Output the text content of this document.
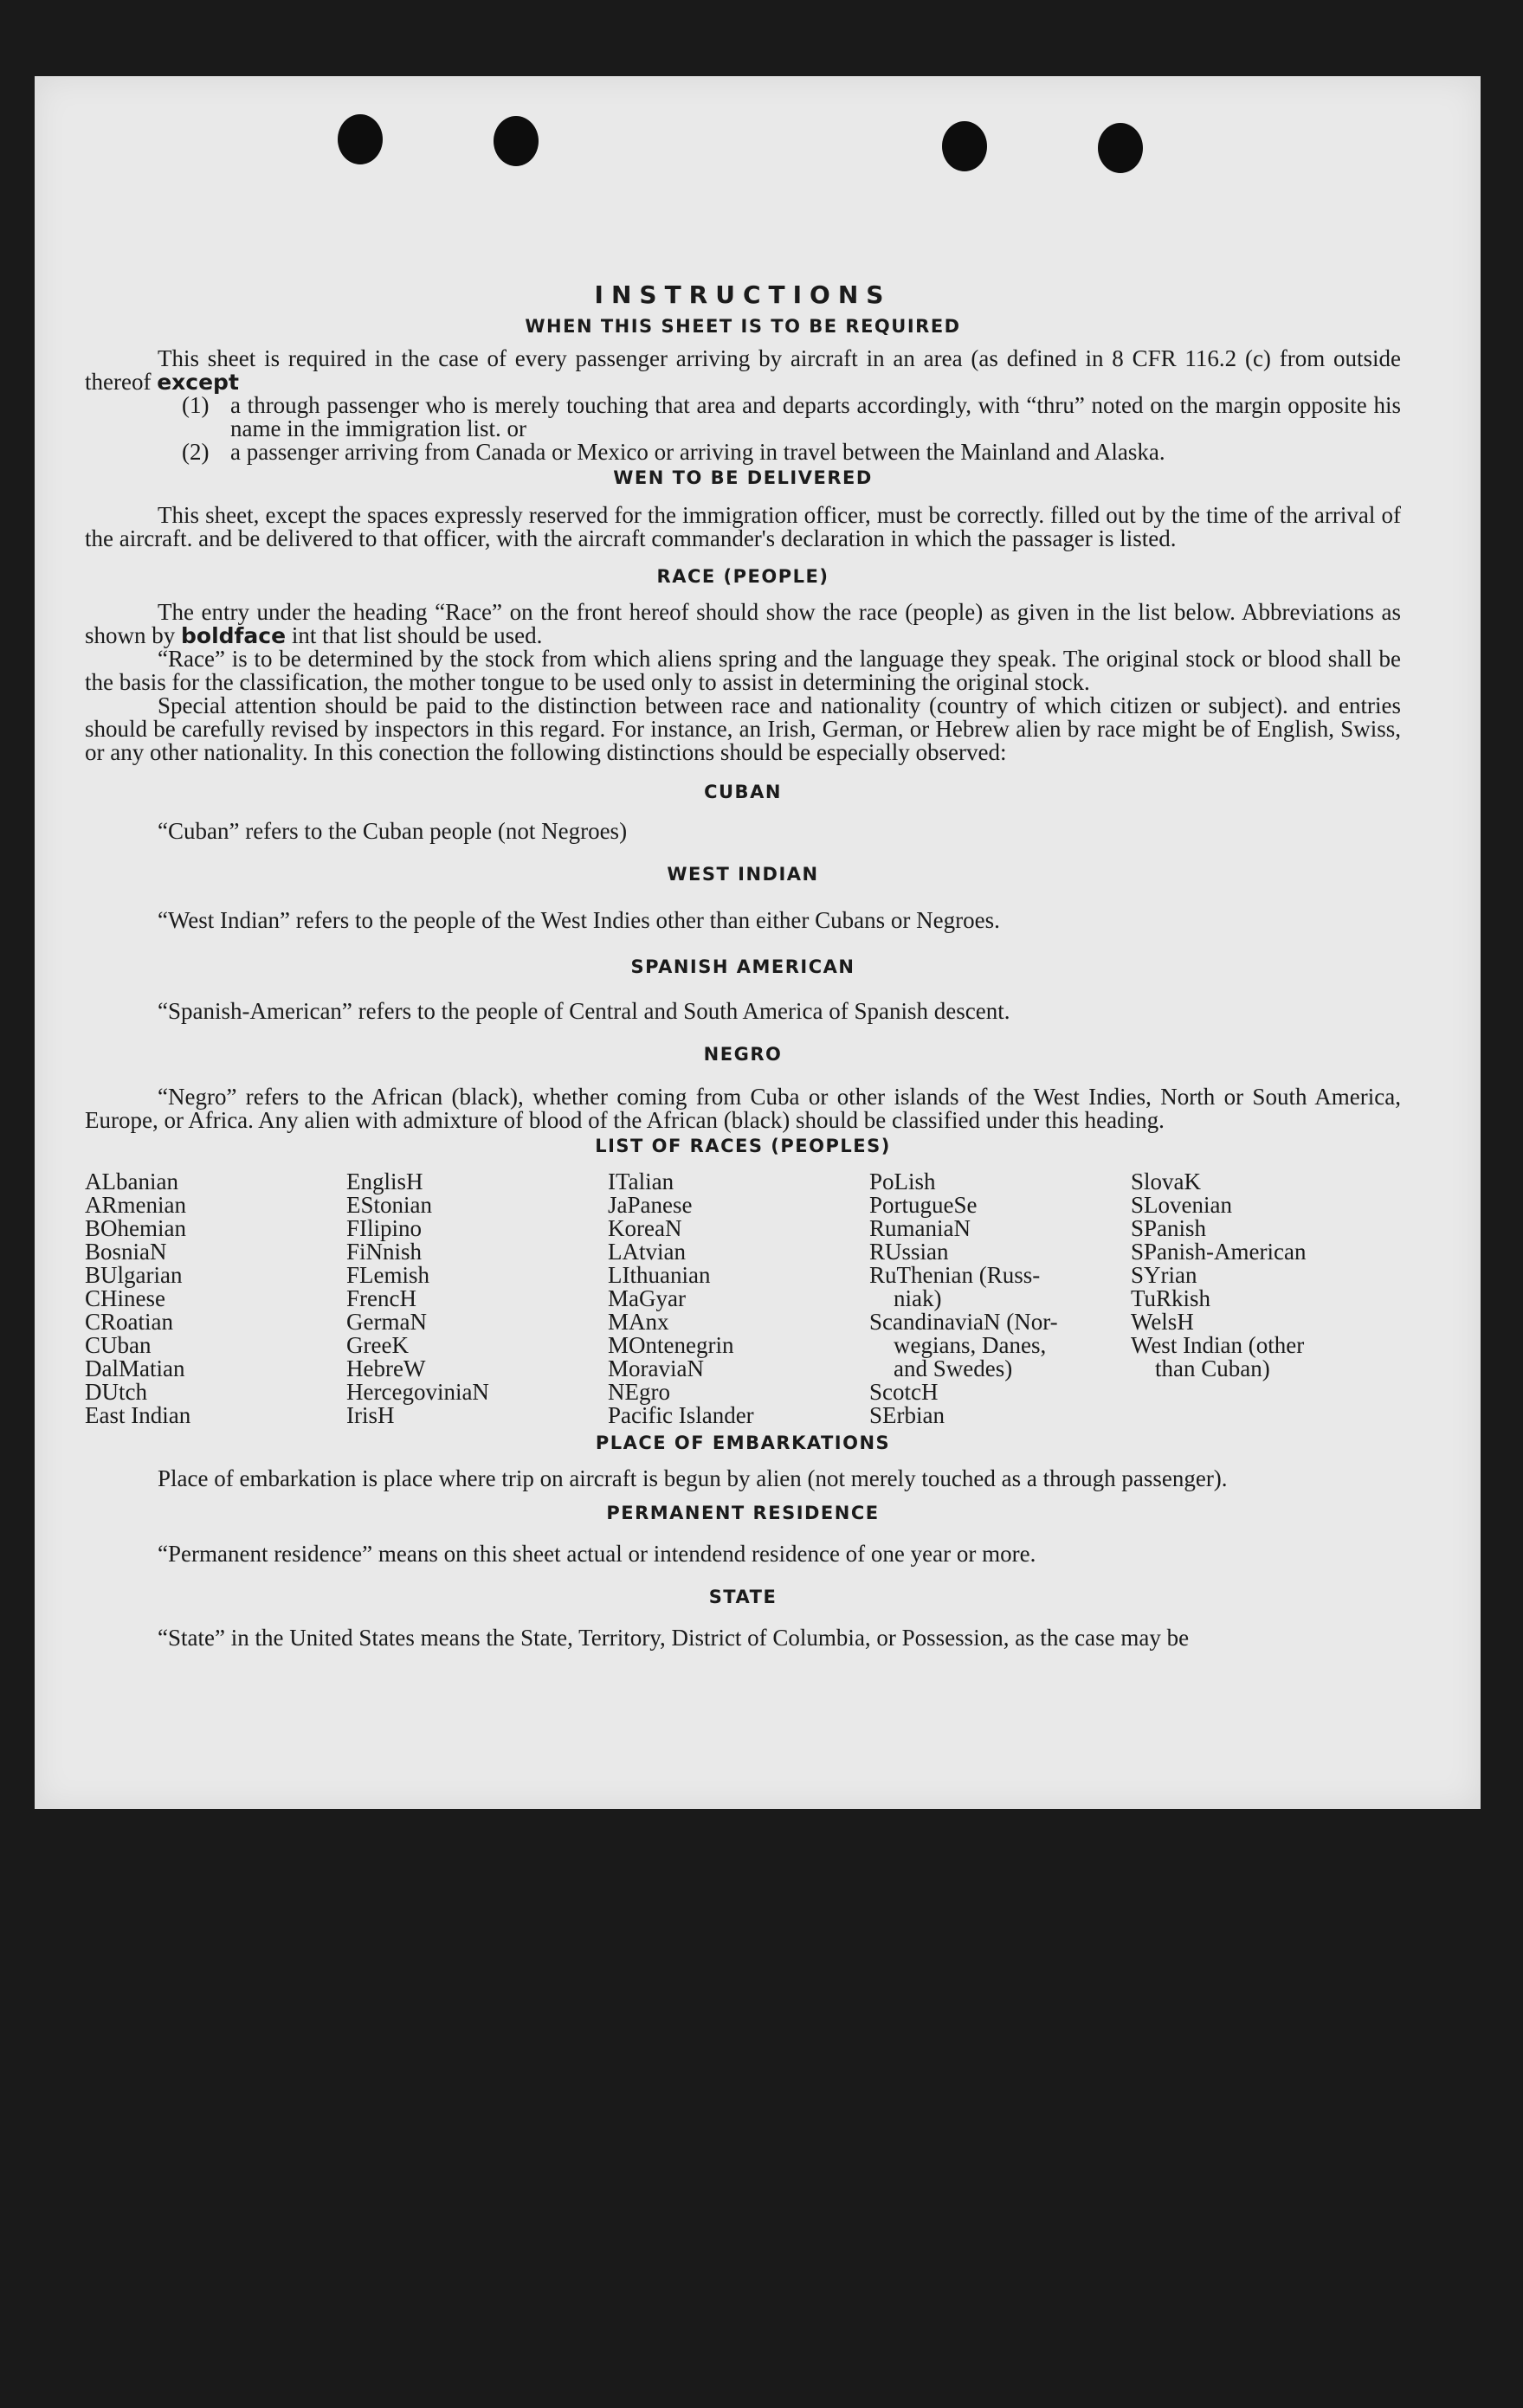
INSTRUCTIONS
WHEN THIS SHEET IS TO BE REQUIRED

This sheet is required in the case of every passenger arriving by aircraft in an area (as defined in 8 CFR 116.2 (c) from outside thereof except

(1) a through passenger who is merely touching that area and departs accordingly, with “thru” noted on the margin opposite his name in the immigration list. or
(2) a passenger arriving from Canada or Mexico or arriving in travel between the Mainland and Alaska.
WEN TO BE DELIVERED

This sheet, except the spaces expressly reserved for the immigration officer, must be correctly. filled out by the time of the arrival of the aircraft. and be delivered to that officer, with the aircraft commander's declaration in which the passager is listed.

RACE (PEOPLE)

The entry under the heading “Race” on the front hereof should show the race (people) as given in the list below. Abbreviations as shown by boldface int that list should be used.

“Race” is to be determined by the stock from which aliens spring and the language they speak. The original stock or blood shall be the basis for the classification, the mother tongue to be used only to assist in determining the original stock.

Special attention should be paid to the distinction between race and nationality (country of which citizen or subject). and entries should be carefully revised by inspectors in this regard. For instance, an Irish, German, or Hebrew alien by race might be of English, Swiss, or any other nationality. In this conection the following distinctions should be especially observed:

CUBAN

“Cuban” refers to the Cuban people (not Negroes)

WEST INDIAN

“West Indian” refers to the people of the West Indies other than either Cubans or Negroes.

SPANISH AMERICAN

“Spanish-American” refers to the people of Central and South America of Spanish descent.

NEGRO

“Negro” refers to the African (black), whether coming from Cuba or other islands of the West Indies, North or South America, Europe, or Africa. Any alien with admixture of blood of the African (black) should be classified under this heading.

LIST OF RACES (PEOPLES)
ALbanian
ARmenian
BOhemian
BosniaN
BUlgarian
CHinese
CRoatian
CUban
DalMatian
DUtch
East Indian
EnglisH
EStonian
FIlipino
FiNnish
FLemish
FrencH
GermaN
GreeK
HebreW
HercegoviniaN
IrisH
ITalian
JaPanese
KoreaN
LAtvian
LIthuanian
MaGyar
MAnx
MOntenegrin
MoraviaN
NEgro
Pacific Islander
PoLish
PortugueSe
RumaniaN
RUssian
RuThenian (Russ-
niak)
ScandinaviaN (Nor-
wegians, Danes,
and Swedes)
ScotcH
SErbian
SlovaK
SLovenian
SPanish
SPanish-American
SYrian
TuRkish
WelsH
West Indian (other
than Cuban)
PLACE OF EMBARKATIONS

Place of embarkation is place where trip on aircraft is begun by alien (not merely touched as a through passenger).

PERMANENT RESIDENCE

“Permanent residence” means on this sheet actual or intendend residence of one year or more.

STATE

“State” in the United States means the State, Territory, District of Columbia, or Possession, as the case may be
